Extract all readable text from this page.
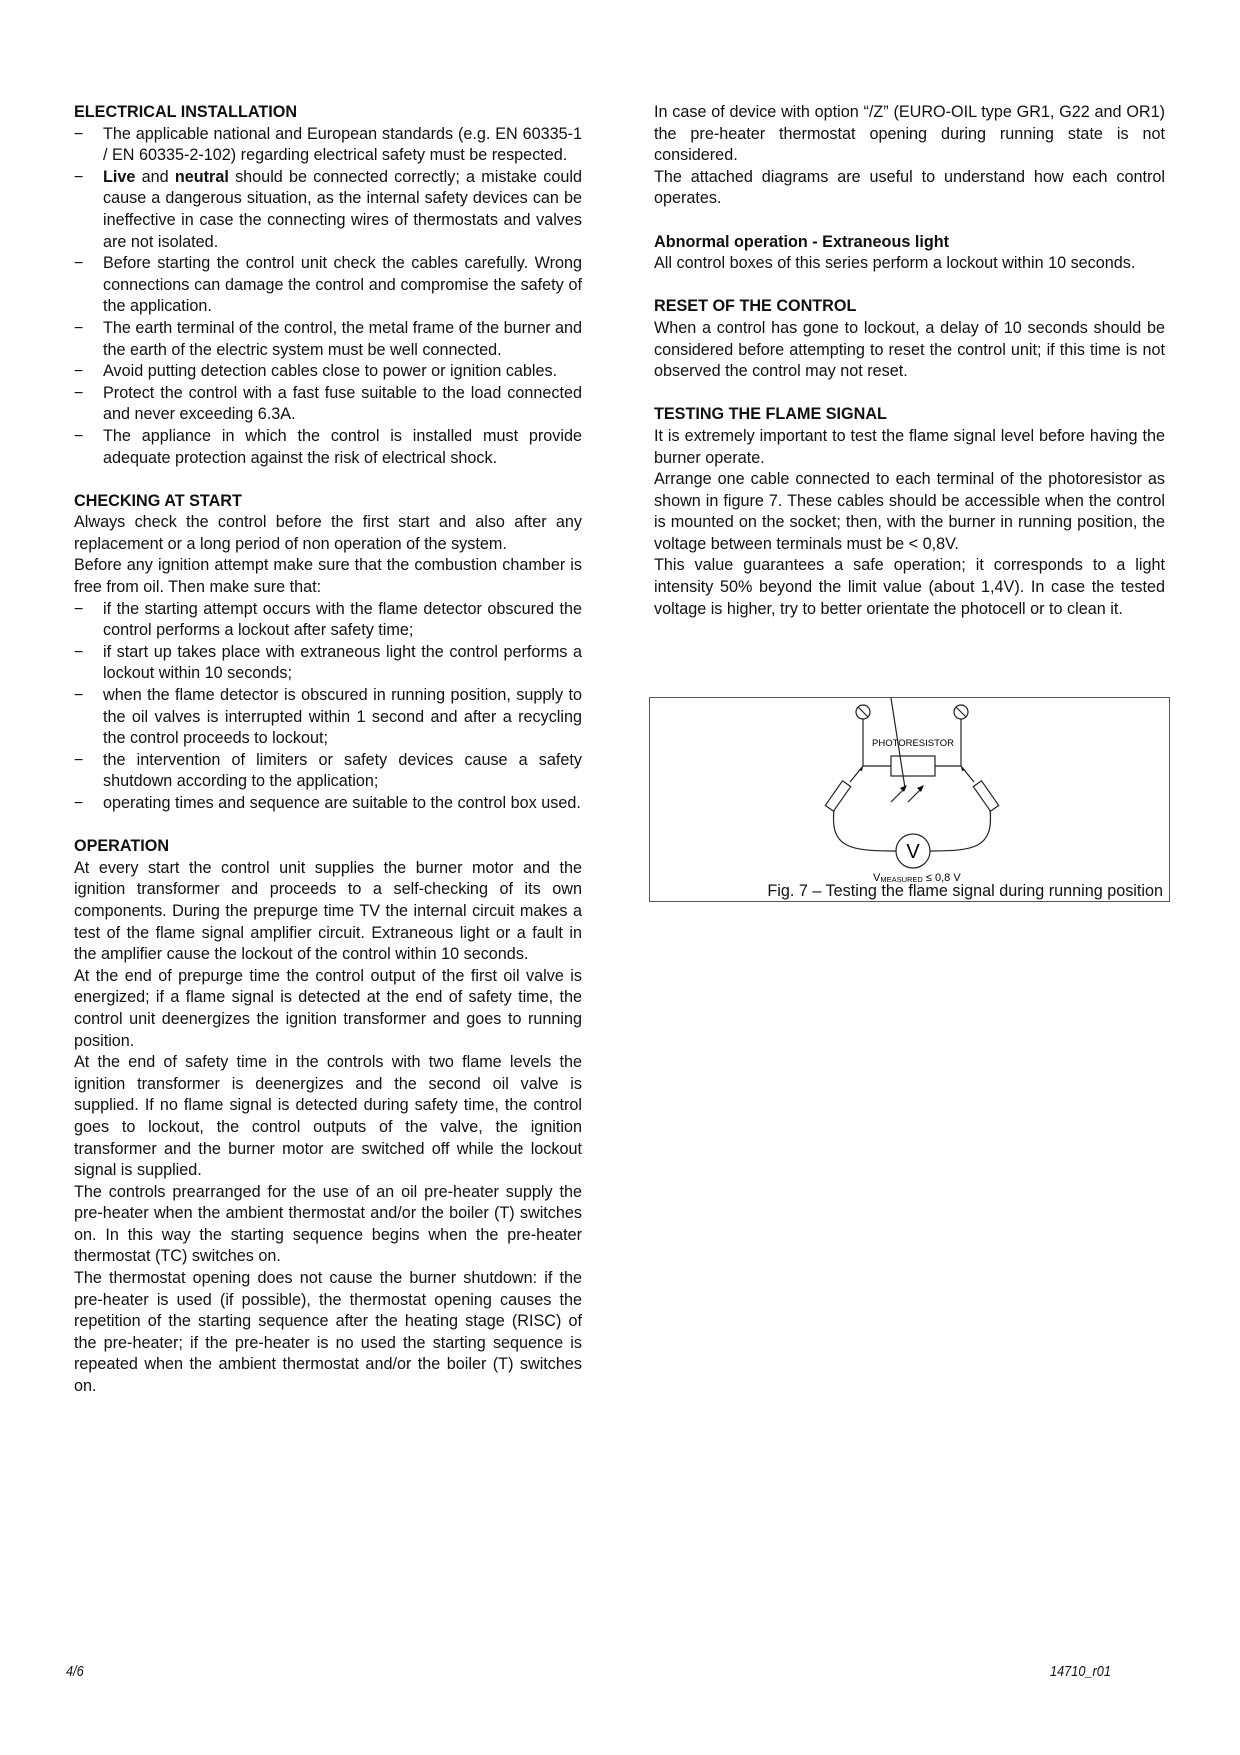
ELECTRICAL INSTALLATION
− The applicable national and European standards (e.g. EN 60335-1 / EN 60335-2-102) regarding electrical safety must be respected.
− Live and neutral should be connected correctly; a mistake could cause a dangerous situation, as the internal safety devices can be ineffective in case the connecting wires of thermostats and valves are not isolated.
− Before starting the control unit check the cables carefully. Wrong connections can damage the control and compromise the safety of the application.
− The earth terminal of the control, the metal frame of the burner and the earth of the electric system must be well connected.
− Avoid putting detection cables close to power or ignition cables.
− Protect the control with a fast fuse suitable to the load connected and never exceeding 6.3A.
− The appliance in which the control is installed must provide adequate protection against the risk of electrical shock.
CHECKING AT START

Always check the control before the first start and also after any replacement or a long period of non operation of the system.

Before any ignition attempt make sure that the combustion chamber is free from oil. Then make sure that:

− if the starting attempt occurs with the flame detector obscured the control performs a lockout after safety time;
− if start up takes place with extraneous light the control performs a lockout within 10 seconds;
− when the flame detector is obscured in running position, supply to the oil valves is interrupted within 1 second and after a recycling the control proceeds to lockout;
− the intervention of limiters or safety devices cause a safety shutdown according to the application;
− operating times and sequence are suitable to the control box used.
OPERATION

At every start the control unit supplies the burner motor and the ignition transformer and proceeds to a self-checking of its own components. During the prepurge time TV the internal circuit makes a test of the flame signal amplifier circuit. Extraneous light or a fault in the amplifier cause the lockout of the control within 10 seconds.

At the end of prepurge time the control output of the first oil valve is energized; if a flame signal is detected at the end of safety time, the control unit deenergizes the ignition transformer and goes to running position.

At the end of safety time in the controls with two flame levels the ignition transformer is deenergizes and the second oil valve is supplied. If no flame signal is detected during safety time, the control goes to lockout, the control outputs of the valve, the ignition transformer and the burner motor are switched off while the lockout signal is supplied.

The controls prearranged for the use of an oil pre-heater supply the pre-heater when the ambient thermostat and/or the boiler (T) switches on. In this way the starting sequence begins when the pre-heater thermostat (TC) switches on.

The thermostat opening does not cause the burner shutdown: if the pre-heater is used (if possible), the thermostat opening causes the repetition of the starting sequence after the heating stage (RISC) of the pre-heater; if the pre-heater is no used the starting sequence is repeated when the ambient thermostat and/or the boiler (T) switches on.

In case of device with option “/Z” (EURO-OIL type GR1, G22 and OR1) the pre-heater thermostat opening during running state is not considered.

The attached diagrams are useful to understand how each control operates.

Abnormal operation - Extraneous light

All control boxes of this series perform a lockout within 10 seconds.

RESET OF THE CONTROL

When a control has gone to lockout, a delay of 10 seconds should be considered before attempting to reset the control unit; if this time is not observed the control may not reset.

TESTING THE FLAME SIGNAL

It is extremely important to test the flame signal level before having the burner operate.

Arrange one cable connected to each terminal of the photoresistor as shown in figure 7. These cables should be accessible when the control is mounted on the socket; then, with the burner in running position, the voltage between terminals must be < 0,8V.

This value guarantees a safe operation; it corresponds to a light intensity 50% beyond the limit value (about 1,4V). In case the tested voltage is higher, try to better orientate the photocell or to clean it.

PHOTORESISTOR
V
VMEASURED ≤ 0,8 V
Fig. 7 – Testing the flame signal during running position
4/6	14710_r01
